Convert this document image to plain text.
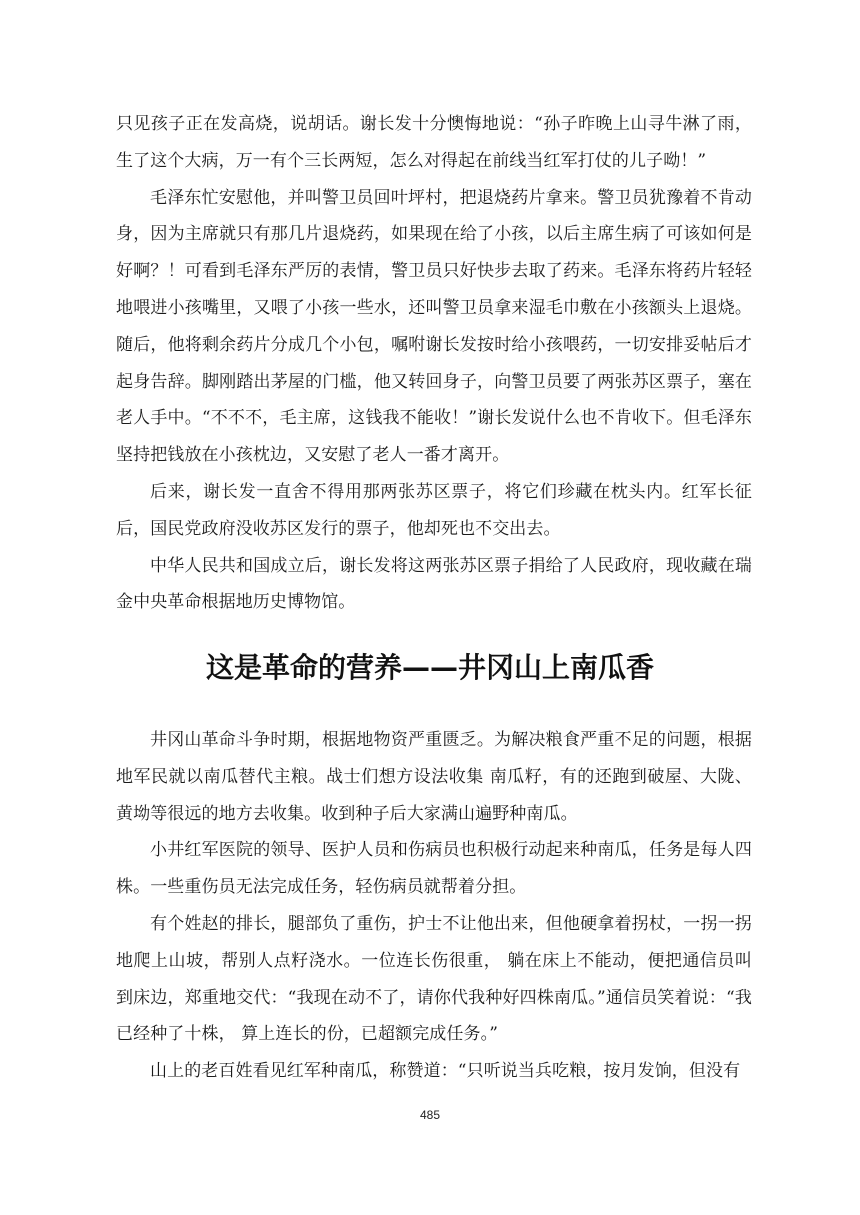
只见孩子正在发高烧，说胡话。谢长发十分懊悔地说：“孙子昨晚上山寻牛淋了雨，生了这个大病，万一有个三长两短，怎么对得起在前线当红军打仗的儿子呦！”

毛泽东忙安慰他，并叫警卫员回叶坪村，把退烧药片拿来。警卫员犹豫着不肯动身，因为主席就只有那几片退烧药，如果现在给了小孩，以后主席生病了可该如何是好啊？！可看到毛泽东严厉的表情，警卫员只好快步去取了药来。毛泽东将药片轻轻地喂进小孩嘴里，又喂了小孩一些水，还叫警卫员拿来湿毛巾敷在小孩额头上退烧。随后，他将剩余药片分成几个小包，嘱咐谢长发按时给小孩喂药，一切安排妥帖后才起身告辞。脚刚踏出茅屋的门槛，他又转回身子，向警卫员要了两张苏区票子，塞在老人手中。“不不不，毛主席，这钱我不能收！”谢长发说什么也不肯收下。但毛泽东坚持把钱放在小孩枕边，又安慰了老人一番才离开。

后来，谢长发一直舍不得用那两张苏区票子，将它们珍藏在枕头内。红军长征后，国民党政府没收苏区发行的票子，他却死也不交出去。

中华人民共和国成立后，谢长发将这两张苏区票子捐给了人民政府，现收藏在瑞金中央革命根据地历史博物馆。

这是革命的营养——井冈山上南瓜香

井冈山革命斗争时期，根据地物资严重匮乏。为解决粮食严重不足的问题，根据地军民就以南瓜替代主粮。战士们想方设法收集 南瓜籽，有的还跑到破屋、大陇、黄坳等很远的地方去收集。收到种子后大家满山遍野种南瓜。

小井红军医院的领导、医护人员和伤病员也积极行动起来种南瓜，任务是每人四株。一些重伤员无法完成任务，轻伤病员就帮着分担。

有个姓赵的排长，腿部负了重伤，护士不让他出来，但他硬拿着拐杖，一拐一拐地爬上山坡，帮别人点籽浇水。一位连长伤很重， 躺在床上不能动，便把通信员叫到床边，郑重地交代：“我现在动不了，请你代我种好四株南瓜。”通信员笑着说：“我已经种了十株， 算上连长的份，已超额完成任务。”

山上的老百姓看见红军种南瓜，称赞道：“只听说当兵吃粮，按月发饷，但没有

485
